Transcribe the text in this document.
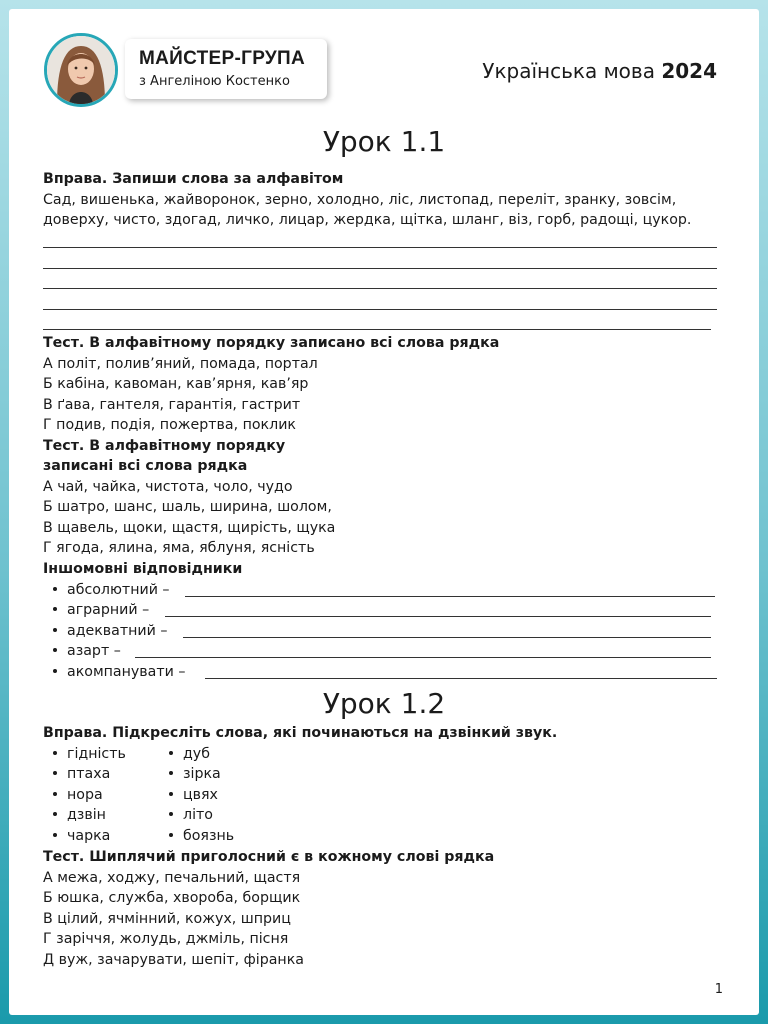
МАЙСТЕР-ГРУПА
з Ангеліною Костенко	Українська мова 2024
Урок 1.1
Вправа. Запиши слова за алфавітом
Сад, вишенька, жайворонок, зерно, холодно, ліс, листопад, переліт, зранку, зовсім,
доверху, чисто, здогад, личко, лицар, жердка, щітка, шланг, віз, горб, радощі, цукор.
Тест. В алфавітному порядку записано всі слова рядка
А політ, полив’яний, помада, портал
Б кабіна, кавоман, кав’ярня, кав’яр
В ґава, гантеля, гарантія, гастрит
Г подив, подія, пожертва, поклик
Тест. В алфавітному порядку
записані всі слова рядка
А чай, чайка, чистота, чоло, чудо
Б шатро, шанс, шаль, ширина, шолом,
В щавель, щоки, щастя, щирість, щука
Г ягода, ялина, яма, яблуня, ясність
Іншомовні відповідники
абсолютний –
аграрний –
адекватний –
азарт –
акомпанувати –
Урок 1.2
Вправа. Підкресліть слова, які починаються на дзвінкий звук.
гідність
птаха
нора
дзвін
чарка
дуб
зірка
цвях
літо
боязнь
Тест. Шиплячий приголосний є в кожному слові рядка
А межа, ходжу, печальний, щастя
Б юшка, служба, хвороба, борщик
В цілий, ячмінний, кожух, шприц
Г заріччя, жолудь, джміль, пісня
Д вуж, зачарувати, шепіт, фіранка
1
